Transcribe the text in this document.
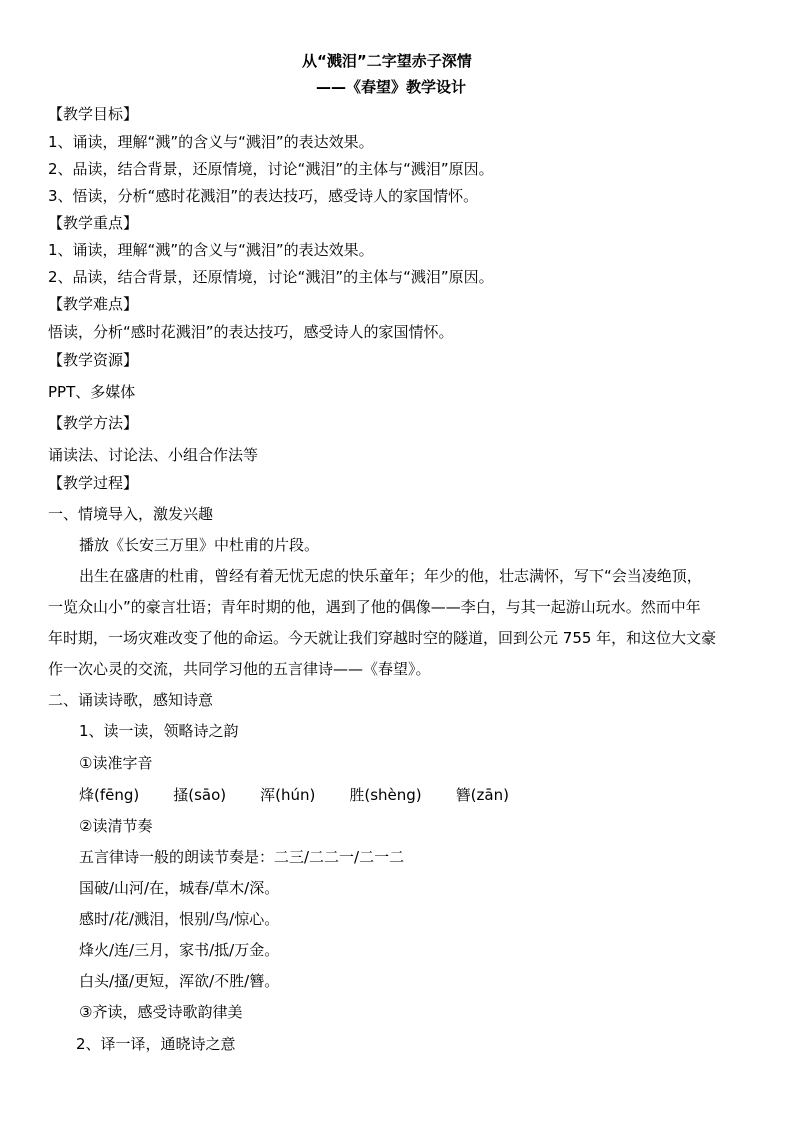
从“溅泪”二字望赤子深情
——《春望》教学设计
【教学目标】
1、诵读，理解“溅”的含义与“溅泪”的表达效果。
2、品读，结合背景，还原情境，讨论“溅泪”的主体与“溅泪”原因。
3、悟读，分析“感时花溅泪”的表达技巧，感受诗人的家国情怀。
【教学重点】
1、诵读，理解“溅”的含义与“溅泪”的表达效果。
2、品读，结合背景，还原情境，讨论“溅泪”的主体与“溅泪”原因。
【教学难点】
悟读，分析“感时花溅泪”的表达技巧，感受诗人的家国情怀。
【教学资源】
PPT、多媒体
【教学方法】
诵读法、讨论法、小组合作法等
【教学过程】
一、情境导入，激发兴趣
播放《长安三万里》中杜甫的片段。
出生在盛唐的杜甫，曾经有着无忧无虑的快乐童年；年少的他，壮志满怀，写下“会当凌绝顶，
一览众山小”的豪言壮语；青年时期的他，遇到了他的偶像——李白，与其一起游山玩水。然而中年
年时期，一场灾难改变了他的命运。今天就让我们穿越时空的隧道，回到公元 755 年，和这位大文豪
作一次心灵的交流，共同学习他的五言律诗——《春望》。
二、诵读诗歌，感知诗意
1、读一读，领略诗之韵
①读准字音
烽(fēng) 搔(sāo) 浑(hún) 胜(shèng) 簪(zān)
②读清节奏
五言律诗一般的朗读节奏是：二三/二二一/二一二
国破/山河/在，城春/草木/深。
感时/花/溅泪，恨别/鸟/惊心。
烽火/连/三月，家书/抵/万金。
白头/搔/更短，浑欲/不胜/簪。
③齐读，感受诗歌韵律美
2、译一译，通晓诗之意
